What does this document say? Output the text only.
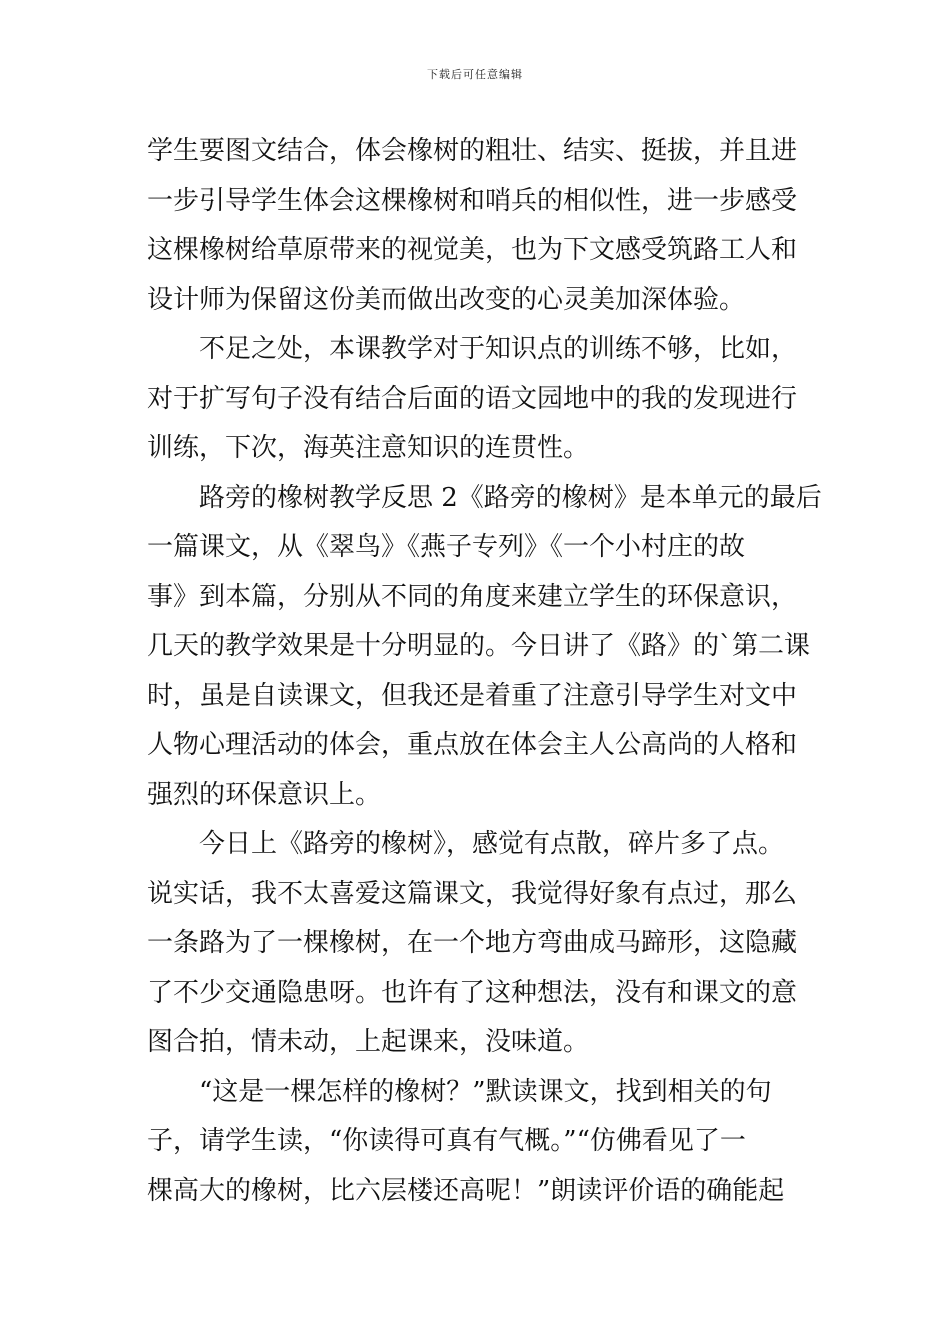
下载后可任意编辑
学生要图文结合，体会橡树的粗壮、结实、挺拔，并且进
一步引导学生体会这棵橡树和哨兵的相似性，进一步感受
这棵橡树给草原带来的视觉美，也为下文感受筑路工人和
设计师为保留这份美而做出改变的心灵美加深体验。
不足之处，本课教学对于知识点的训练不够，比如，
对于扩写句子没有结合后面的语文园地中的我的发现进行
训练，下次，海英注意知识的连贯性。
路旁的橡树教学反思 2《路旁的橡树》是本单元的最后
一篇课文，从《翠鸟》《燕子专列》《一个小村庄的故
事》到本篇，分别从不同的角度来建立学生的环保意识，
几天的教学效果是十分明显的。今日讲了《路》的`第二课
时，虽是自读课文，但我还是着重了注意引导学生对文中
人物心理活动的体会，重点放在体会主人公高尚的人格和
强烈的环保意识上。
今日上《路旁的橡树》，感觉有点散，碎片多了点。
说实话，我不太喜爱这篇课文，我觉得好象有点过，那么
一条路为了一棵橡树，在一个地方弯曲成马蹄形，这隐藏
了不少交通隐患呀。也许有了这种想法，没有和课文的意
图合拍，情未动，上起课来，没味道。
“这是一棵怎样的橡树？”默读课文，找到相关的句
子，请学生读，“你读得可真有气概。”“仿佛看见了一
棵高大的橡树，比六层楼还高呢！”朗读评价语的确能起
